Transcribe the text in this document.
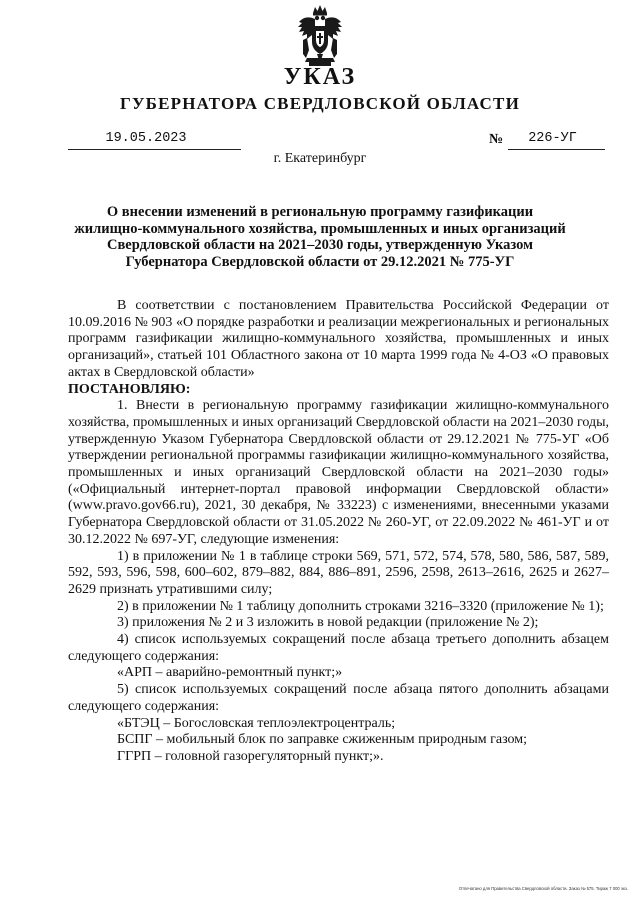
УКАЗ
ГУБЕРНАТОРА СВЕРДЛОВСКОЙ ОБЛАСТИ
19.05.2023	№	226-УГ
г. Екатеринбург
О внесении изменений в региональную программу газификации
жилищно-коммунального хозяйства, промышленных и иных организаций
Свердловской области на 2021–2030 годы, утвержденную Указом
Губернатора Свердловской области от 29.12.2021 № 775-УГ

В соответствии с постановлением Правительства Российской Федерации от 10.09.2016 № 903 «О порядке разработки и реализации межрегиональных и региональных программ газификации жилищно-коммунального хозяйства, промышленных и иных организаций», статьей 101 Областного закона от 10 марта 1999 года № 4-ОЗ «О правовых актах в Свердловской области»

ПОСТАНОВЛЯЮ:

1. Внести в региональную программу газификации жилищно-коммунального хозяйства, промышленных и иных организаций Свердловской области на 2021–2030 годы, утвержденную Указом Губернатора Свердловской области от 29.12.2021 № 775-УГ «Об утверждении региональной программы газификации жилищно-коммунального хозяйства, промышленных и иных организаций Свердловской области на 2021–2030 годы» («Официальный интернет-портал правовой информации Свердловской области» (www.pravo.gov66.ru), 2021, 30 декабря, № 33223) с изменениями, внесенными указами Губернатора Свердловской области от 31.05.2022 № 260-УГ, от 22.09.2022 № 461-УГ и от 30.12.2022 № 697-УГ, следующие изменения:

1) в приложении № 1 в таблице строки 569, 571, 572, 574, 578, 580, 586, 587, 589, 592, 593, 596, 598, 600–602, 879–882, 884, 886–891, 2596, 2598, 2613–2616, 2625 и 2627–2629 признать утратившими силу;

2) в приложении № 1 таблицу дополнить строками 3216–3320 (приложение № 1);

3) приложения № 2 и 3 изложить в новой редакции (приложение № 2);

4) список используемых сокращений после абзаца третьего дополнить абзацем следующего содержания:

«АРП – аварийно-ремонтный пункт;»

5) список используемых сокращений после абзаца пятого дополнить абзацами следующего содержания:

«БТЭЦ – Богословская теплоэлектроцентраль;

БСПГ – мобильный блок по заправке сжиженным природным газом;

ГГРП – головной газорегуляторный пункт;».

Отпечатано для Правительства Свердловской области. Заказ № 575. Тираж 7 000 экз.
